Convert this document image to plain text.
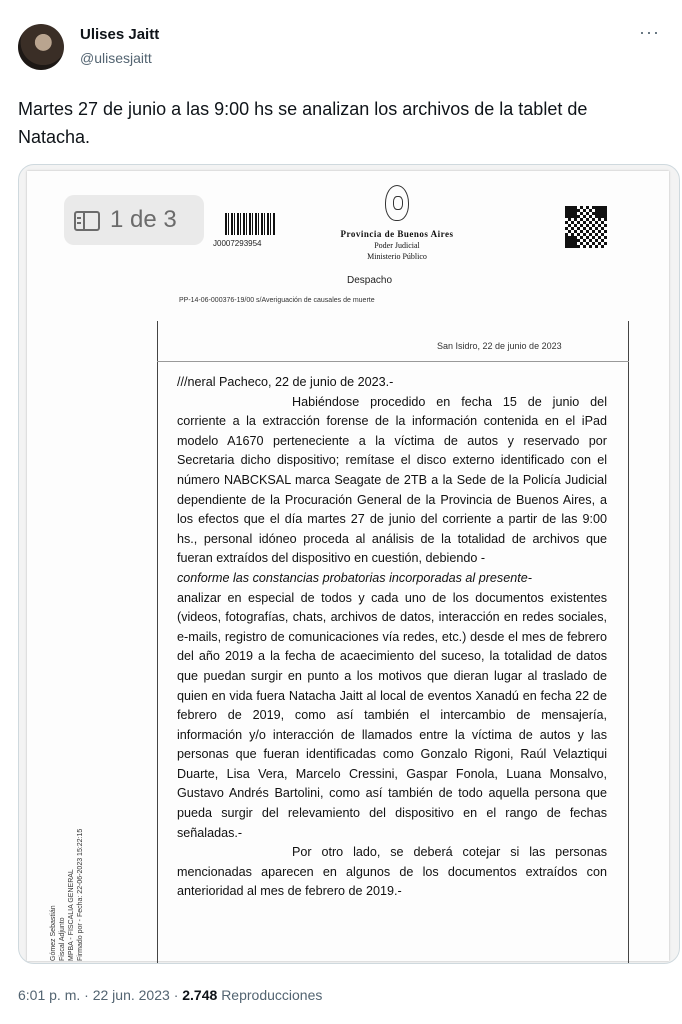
Ulises Jaitt
@ulisesjaitt
···
Martes 27 de junio a las 9:00 hs se analizan los archivos de la tablet de Natacha.
J0007293954
Provincia de Buenos Aires
Poder Judicial
Ministerio Público
Despacho
PP-14-06-000376-19/00 s/Averiguación de causales de muerte
San Isidro, 22 de junio de 2023

///neral Pacheco, 22 de junio de 2023.-

Habiéndose procedido en fecha 15 de junio del corriente a la extracción forense de la información contenida en el iPad modelo A1670 perteneciente a la víctima de autos y reservado por Secretaria dicho dispositivo; remítase el disco externo identificado con el número NABCKSAL marca Seagate de 2TB a la Sede de la Policía Judicial dependiente de la Procuración General de la Provincia de Buenos Aires, a los efectos que el día martes 27 de junio del corriente a partir de las 9:00 hs., personal idóneo proceda al análisis de la totalidad de archivos que fueran extraídos del dispositivo en cuestión, debiendo -

conforme las constancias probatorias incorporadas al presente-

analizar en especial de todos y cada uno de los documentos existentes (videos, fotografías, chats, archivos de datos, interacción en redes sociales, e-mails, registro de comunicaciones vía redes, etc.) desde el mes de febrero del año 2019 a la fecha de acaecimiento del suceso, la totalidad de datos que puedan surgir en punto a los motivos que dieran lugar al traslado de quien en vida fuera Natacha Jaitt al local de eventos Xanadú en fecha 22 de febrero de 2019, como así también el intercambio de mensajería, información y/o interacción de llamados entre la víctima de autos y las personas que fueran identificadas como Gonzalo Rigoni, Raúl Velaztiqui Duarte, Lisa Vera, Marcelo Cressini, Gaspar Fonola, Luana Monsalvo, Gustavo Andrés Bartolini, como así también de todo aquella persona que pueda surgir del relevamiento del dispositivo en el rango de fechas señaladas.-

Por otro lado, se deberá cotejar si las personas mencionadas aparecen en algunos de los documentos extraídos con anterioridad al mes de febrero de 2019.-

Gómez Sebastián Fiscal Adjunto MPBA - FISCALIA GENERAL Firmado por - Fecha: 22-06-2023 15:22:15
1 de 3
6:01 p. m. · 22 jun. 2023 · 2.748 Reproducciones
